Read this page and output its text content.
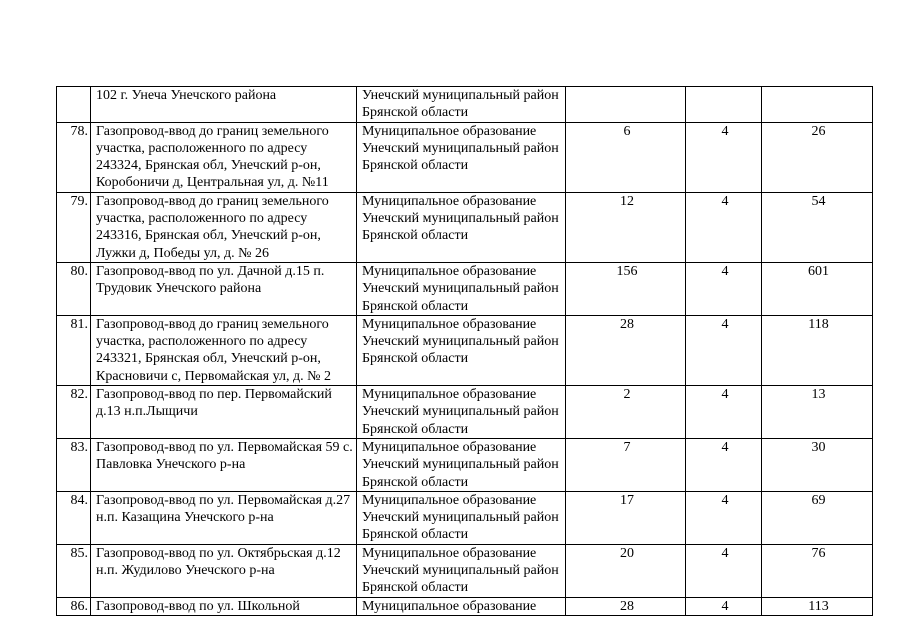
	102 г. Унеча Унечского района	Унечский муниципальный район Брянской области			
78.	Газопровод-ввод до границ земельного участка, расположенного по адресу 243324, Брянская обл, Унечский р-он, Коробоничи д, Центральная ул, д. №11	Муниципальное образование Унечский муниципальный район Брянской области	6	4	26
79.	Газопровод-ввод до границ земельного участка, расположенного по адресу 243316, Брянская обл, Унечский р-он, Лужки д, Победы ул, д. № 26	Муниципальное образование Унечский муниципальный район Брянской области	12	4	54
80.	Газопровод-ввод по ул. Дачной д.15 п. Трудовик Унечского района	Муниципальное образование Унечский муниципальный район Брянской области	156	4	601
81.	Газопровод-ввод до границ земельного участка, расположенного по адресу 243321, Брянская обл, Унечский р-он, Красновичи с, Первомайская ул, д. № 2	Муниципальное образование Унечский муниципальный район Брянской области	28	4	118
82.	Газопровод-ввод по пер. Первомайский д.13 н.п.Лыщичи	Муниципальное образование Унечский муниципальный район Брянской области	2	4	13
83.	Газопровод-ввод по ул. Первомайская 59 с. Павловка Унечского р-на	Муниципальное образование Унечский муниципальный район Брянской области	7	4	30
84.	Газопровод-ввод по ул. Первомайская д.27 н.п. Казащина Унечского р-на	Муниципальное образование Унечский муниципальный район Брянской области	17	4	69
85.	Газопровод-ввод по ул. Октябрьская д.12 н.п. Жудилово Унечского р-на	Муниципальное образование Унечский муниципальный район Брянской области	20	4	76
86.	Газопровод-ввод по ул. Школьной	Муниципальное образование	28	4	113
